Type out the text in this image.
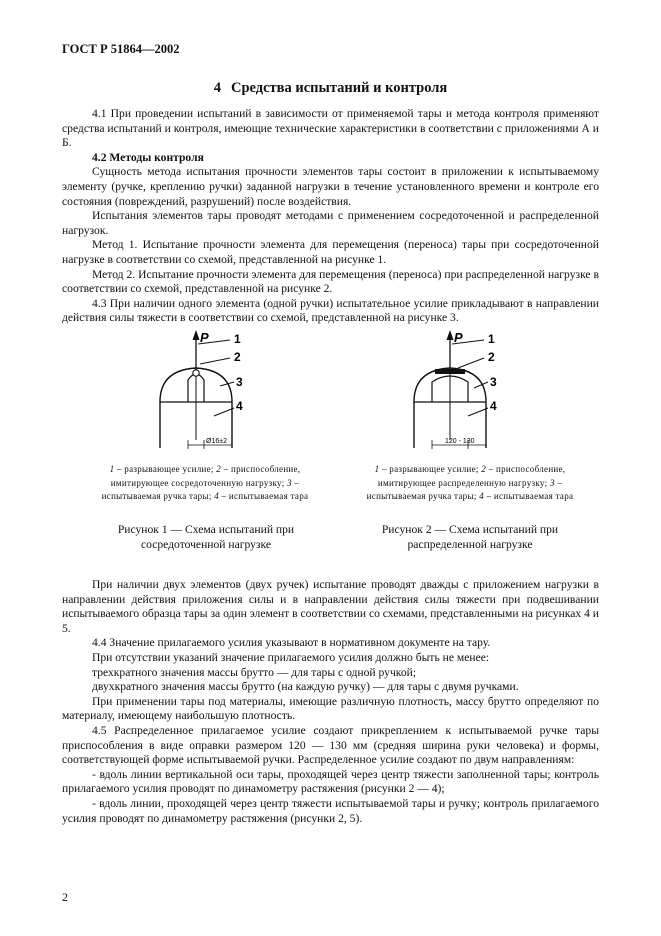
ГОСТ Р 51864—2002
4 Средства испытаний и контроля

4.1 При проведении испытаний в зависимости от применяемой тары и метода контроля применяют средства испытаний и контроля, имеющие технические характеристики в соответствии с приложениями А и Б.

4.2 Методы контроля

Сущность метода испытания прочности элементов тары состоит в приложении к испытываемому элементу (ручке, креплению ручки) заданной нагрузки в течение установленного времени и контроле его состояния (повреждений, разрушений) после воздействия.

Испытания элементов тары проводят методами с применением сосредоточенной и распределенной нагрузок.

Метод 1. Испытание прочности элемента для перемещения (переноса) тары при сосредоточенной нагрузке в соответствии со схемой, представленной на рисунке 1.

Метод 2. Испытание прочности элемента для перемещения (переноса) при распределенной нагрузке в соответствии со схемой, представленной на рисунке 2.

4.3 При наличии одного элемента (одной ручки) испытательное усилие прикладывают в направлении действия силы тяжести в соответствии со схемой, представленной на рисунке 3.

P 1
2
3
4
Ø16±2
1 – разрывающее усилие; 2 – приспособление, имитирующее сосредоточенную нагрузку; 3 – испытываемая ручка тары; 4 – испытываемая тара
Рисунок 1 — Схема испытаний при сосредоточенной нагрузке
P 1
2
3
4
120 - 130
1 – разрывающее усилие; 2 – приспособление, имитирующее распределенную нагрузку; 3 – испытываемая ручка тары; 4 – испытываемая тара
Рисунок 2 — Схема испытаний при распределенной нагрузке

При наличии двух элементов (двух ручек) испытание проводят дважды с приложением нагрузки в направлении действия приложения силы и в направлении действия силы тяжести при подвешивании испытываемого образца тары за один элемент в соответствии со схемами, представленными на рисунках 4 и 5.

4.4 Значение прилагаемого усилия указывают в нормативном документе на тару.

При отсутствии указаний значение прилагаемого усилия должно быть не менее:

трехкратного значения массы брутто — для тары с одной ручкой;

двухкратного значения массы брутто (на каждую ручку) — для тары с двумя ручками.

При применении тары под материалы, имеющие различную плотность, массу брутто определяют по материалу, имеющему наибольшую плотность.

4.5 Распределенное прилагаемое усилие создают прикреплением к испытываемой ручке тары приспособления в виде оправки размером 120 — 130 мм (средняя ширина руки человека) и формы, соответствующей форме испытываемой ручки. Распределенное усилие создают по двум направлениям:

- вдоль линии вертикальной оси тары, проходящей через центр тяжести заполненной тары; контроль прилагаемого усилия проводят по динамометру растяжения (рисунки 2 — 4);

- вдоль линии, проходящей через центр тяжести испытываемой тары и ручку; контроль прилагаемого усилия проводят по динамометру растяжения (рисунки 2, 5).

2
